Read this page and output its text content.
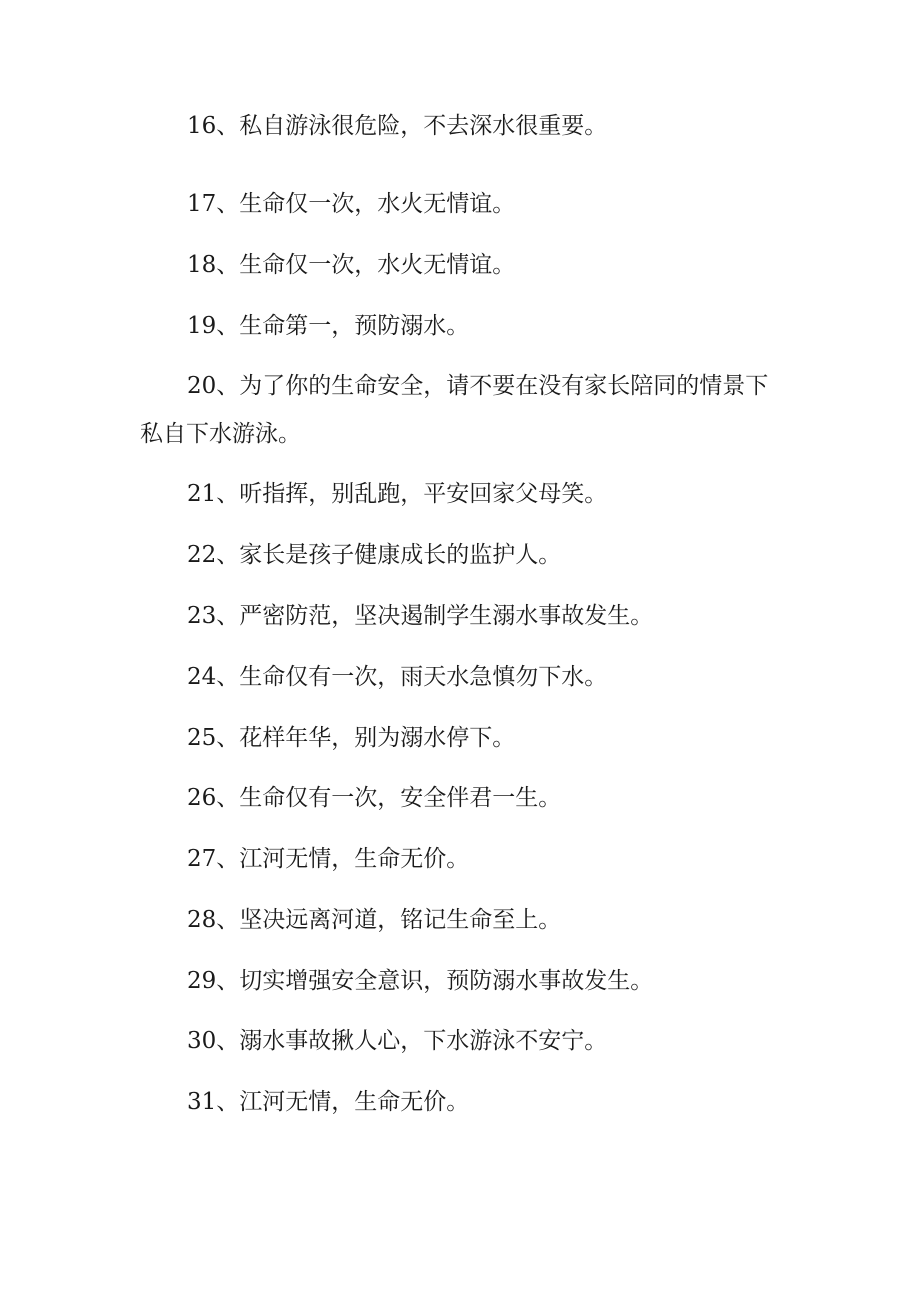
16、私自游泳很危险，不去深水很重要。

17、生命仅一次，水火无情谊。

18、生命仅一次，水火无情谊。

19、生命第一，预防溺水。

20、为了你的生命安全，请不要在没有家长陪同的情景下私自下水游泳。

21、听指挥，别乱跑，平安回家父母笑。

22、家长是孩子健康成长的监护人。

23、严密防范，坚决遏制学生溺水事故发生。

24、生命仅有一次，雨天水急慎勿下水。

25、花样年华，别为溺水停下。

26、生命仅有一次，安全伴君一生。

27、江河无情，生命无价。

28、坚决远离河道，铭记生命至上。

29、切实增强安全意识，预防溺水事故发生。

30、溺水事故揪人心，下水游泳不安宁。

31、江河无情，生命无价。
